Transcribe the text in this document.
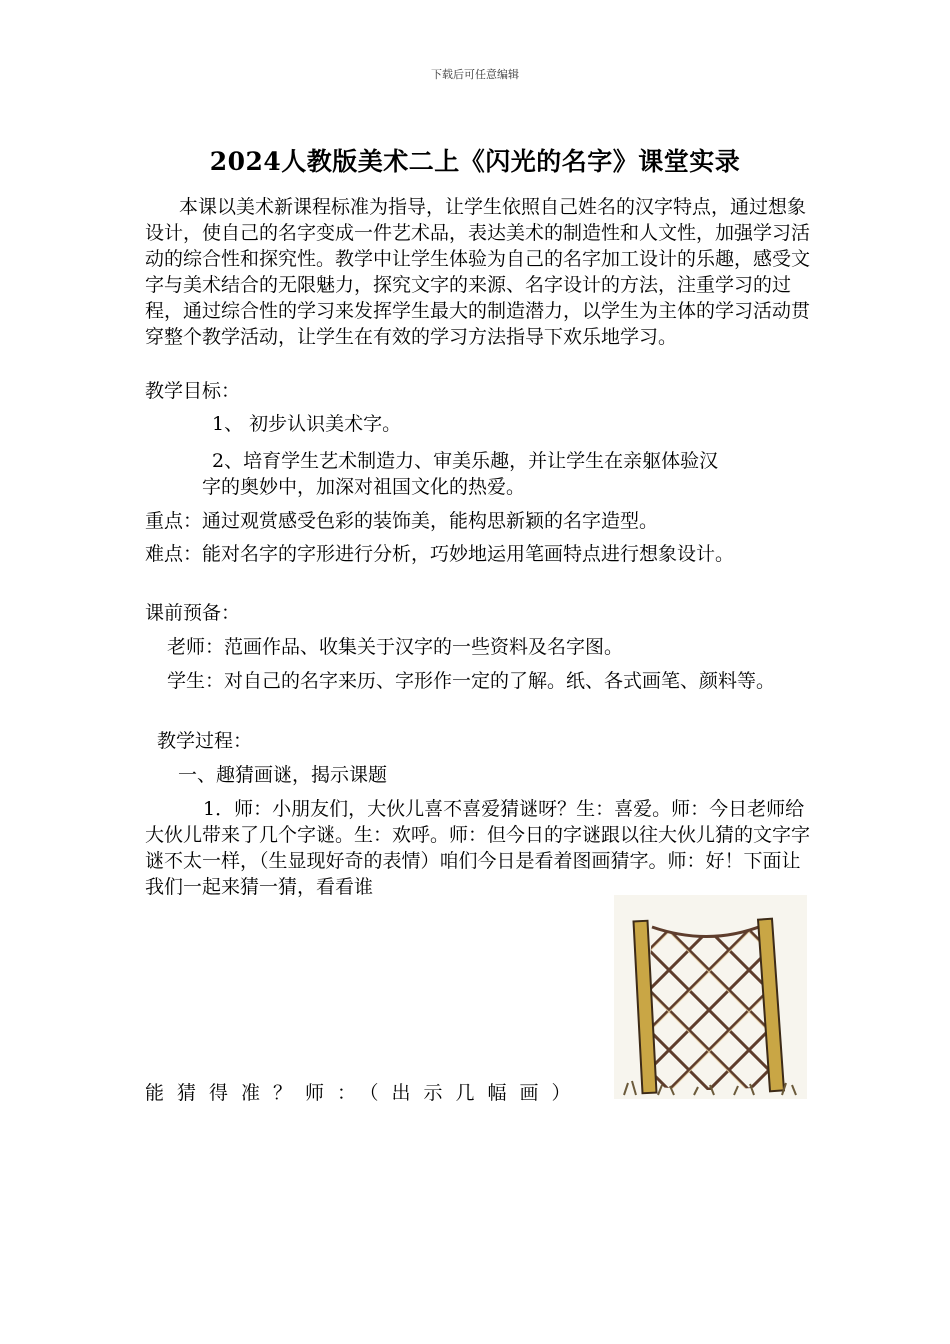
下载后可任意编辑
2024人教版美术二上《闪光的名字》课堂实录

本课以美术新课程标准为指导，让学生依照自己姓名的汉字特点，通过想象设计，使自己的名字变成一件艺术品，表达美术的制造性和人文性，加强学习活动的综合性和探究性。教学中让学生体验为自己的名字加工设计的乐趣，感受文字与美术结合的无限魅力，探究文字的来源、名字设计的方法，注重学习的过程，通过综合性的学习来发挥学生最大的制造潜力，以学生为主体的学习活动贯穿整个教学活动，让学生在有效的学习方法指导下欢乐地学习。

教学目标：

1、 初步认识美术字。

2、培育学生艺术制造力、审美乐趣，并让学生在亲躯体验汉
字的奥妙中，加深对祖国文化的热爱。

重点：通过观赏感受色彩的装饰美，能构思新颖的名字造型。

难点：能对名字的字形进行分析，巧妙地运用笔画特点进行想象设计。

课前预备：

老师：范画作品、收集关于汉字的一些资料及名字图。

学生：对自己的名字来历、字形作一定的了解。纸、各式画笔、颜料等。

教学过程：

一、趣猜画谜，揭示课题

1．师：小朋友们，大伙儿喜不喜爱猜谜呀？生：喜爱。师：今日老师给大伙儿带来了几个字谜。生：欢呼。师：但今日的字谜跟以往大伙儿猜的文字字谜不太一样，（生显现好奇的表情）咱们今日是看着图画猜字。师：好！下面让我们一起来猜一猜，看看谁

能猜得准？师：（出示几幅画）
